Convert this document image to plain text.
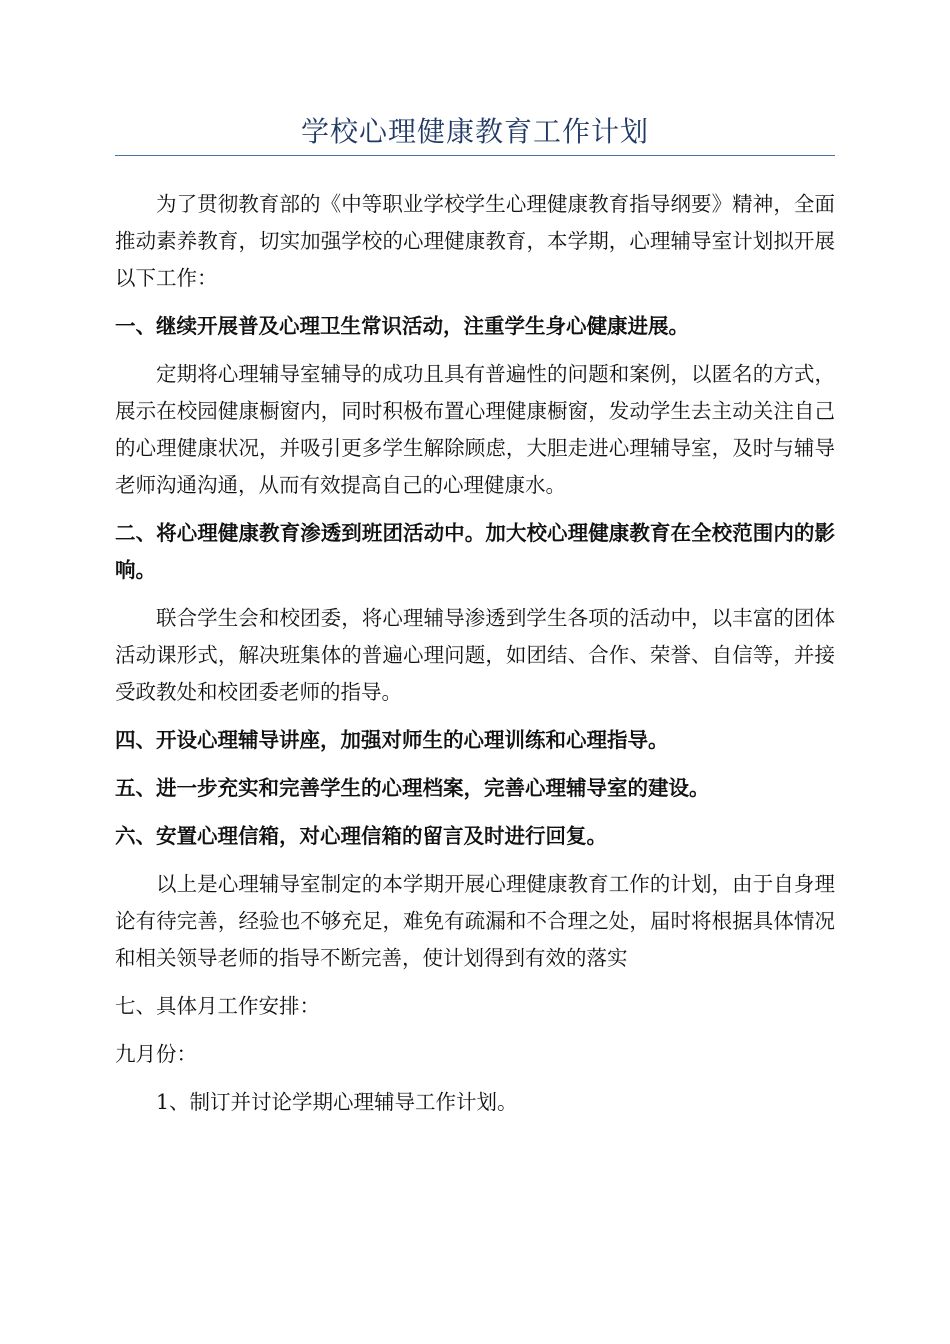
学校心理健康教育工作计划

为了贯彻教育部的《中等职业学校学生心理健康教育指导纲要》精神，全面推动素养教育，切实加强学校的心理健康教育，本学期，心理辅导室计划拟开展以下工作：

一、继续开展普及心理卫生常识活动，注重学生身心健康进展。

定期将心理辅导室辅导的成功且具有普遍性的问题和案例，以匿名的方式，展示在校园健康橱窗内，同时积极布置心理健康橱窗，发动学生去主动关注自己的心理健康状况，并吸引更多学生解除顾虑，大胆走进心理辅导室，及时与辅导老师沟通沟通，从而有效提高自己的心理健康水。

二、将心理健康教育渗透到班团活动中。加大校心理健康教育在全校范围内的影响。

联合学生会和校团委，将心理辅导渗透到学生各项的活动中，以丰富的团体活动课形式，解决班集体的普遍心理问题，如团结、合作、荣誉、自信等，并接受政教处和校团委老师的指导。

四、开设心理辅导讲座，加强对师生的心理训练和心理指导。

五、进一步充实和完善学生的心理档案，完善心理辅导室的建设。

六、安置心理信箱，对心理信箱的留言及时进行回复。

以上是心理辅导室制定的本学期开展心理健康教育工作的计划，由于自身理论有待完善，经验也不够充足，难免有疏漏和不合理之处，届时将根据具体情况和相关领导老师的指导不断完善，使计划得到有效的落实

七、具体月工作安排：

九月份：

1、制订并讨论学期心理辅导工作计划。
